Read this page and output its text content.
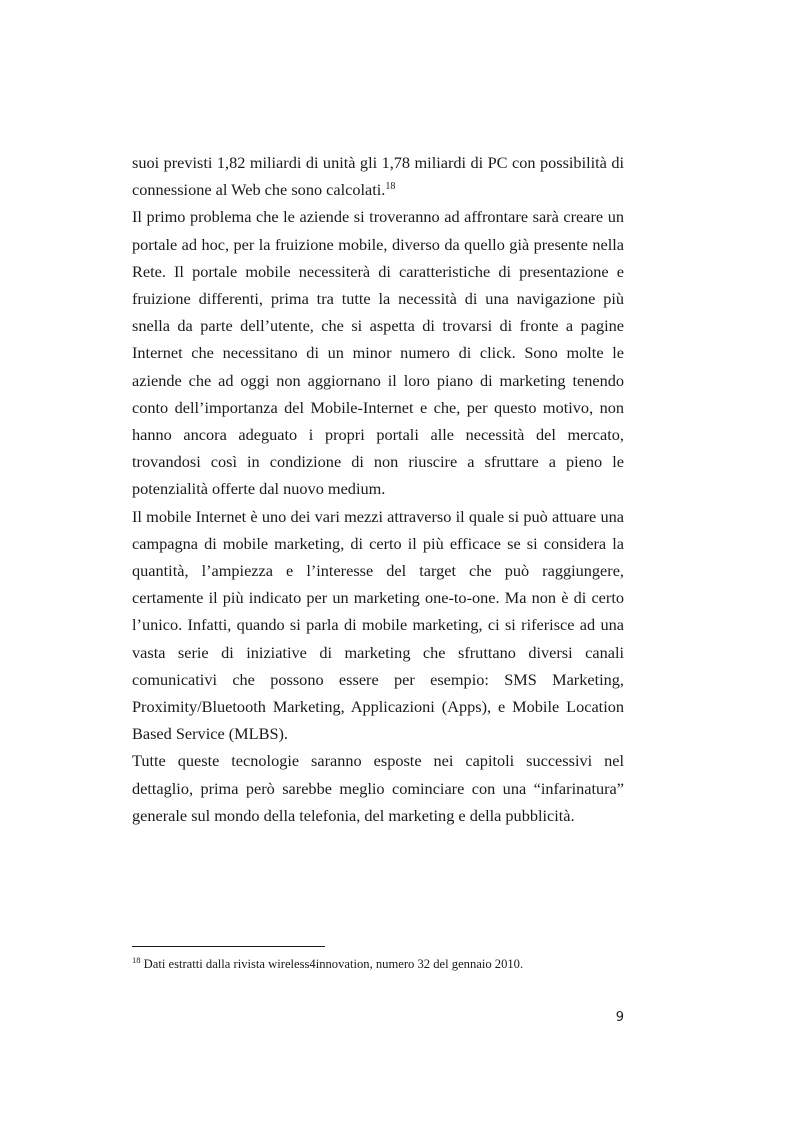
suoi previsti 1,82 miliardi di unità gli 1,78 miliardi di PC con possibilità di connessione al Web che sono calcolati.$^{18}$

Il primo problema che le aziende si troveranno ad affrontare sarà creare un portale ad hoc, per la fruizione mobile, diverso da quello già presente nella Rete. Il portale mobile necessiterà di caratteristiche di presentazione e fruizione differenti, prima tra tutte la necessità di una navigazione più snella da parte dell’utente, che si aspetta di trovarsi di fronte a pagine Internet che necessitano di un minor numero di click. Sono molte le aziende che ad oggi non aggiornano il loro piano di marketing tenendo conto dell’importanza del Mobile-Internet e che, per questo motivo, non hanno ancora adeguato i propri portali alle necessità del mercato, trovandosi così in condizione di non riuscire a sfruttare a pieno le potenzialità offerte dal nuovo medium.

Il mobile Internet è uno dei vari mezzi attraverso il quale si può attuare una campagna di mobile marketing, di certo il più efficace se si considera la quantità, l’ampiezza e l’interesse del target che può raggiungere, certamente il più indicato per un marketing one-to-one. Ma non è di certo l’unico. Infatti, quando si parla di mobile marketing, ci si riferisce ad una vasta serie di iniziative di marketing che sfruttano diversi canali comunicativi che possono essere per esempio: SMS Marketing, Proximity/Bluetooth Marketing, Applicazioni (Apps), e Mobile Location Based Service (MLBS).

Tutte queste tecnologie saranno esposte nei capitoli successivi nel dettaglio, prima però sarebbe meglio cominciare con una “infarinatura” generale sul mondo della telefonia, del marketing e della pubblicità.

$^{18}$ Dati estratti dalla rivista wireless4innovation, numero 32 del gennaio 2010.
9
